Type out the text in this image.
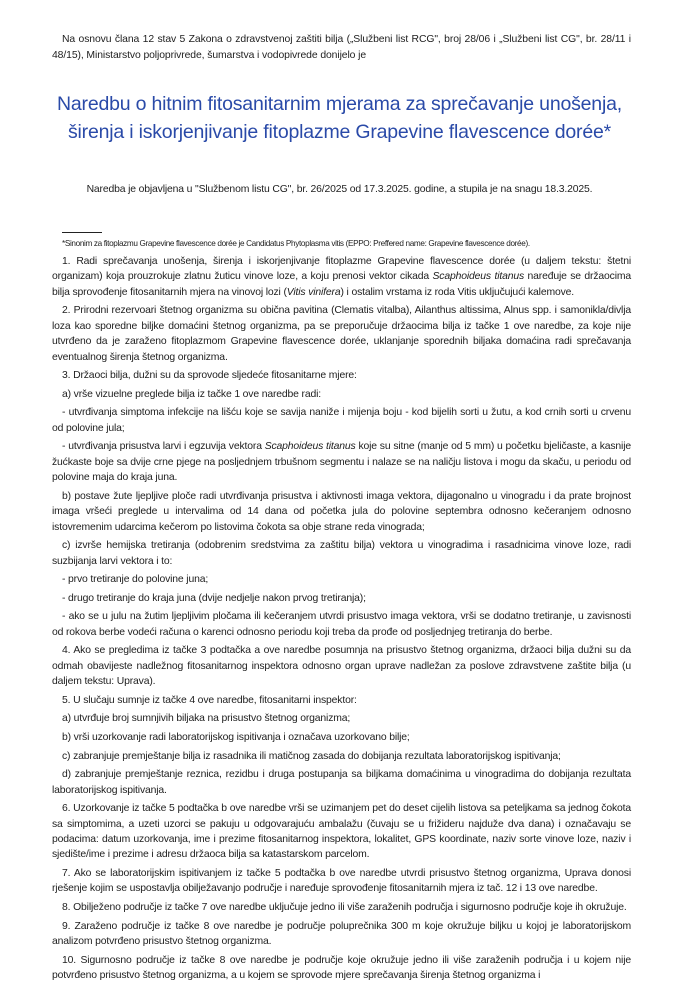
Na osnovu člana 12 stav 5 Zakona o zdravstvenoj zaštiti bilja („Službeni list RCG", broj 28/06 i „Službeni list CG", br. 28/11 i 48/15), Ministarstvo poljoprivrede, šumarstva i vodopivrede donijelo je

Naredbu o hitnim fitosanitarnim mjerama za sprečavanje unošenja,
širenja i iskorjenjivanje fitoplazme Grapevine flavescence dorée*

Naredba je objavljena u "Službenom listu CG", br. 26/2025 od 17.3.2025. godine, a stupila je na snagu 18.3.2025.

*Sinonim za fitoplazmu Grapevine flavescence dorée je Candidatus Phytoplasma vitis (EPPO: Preffered name: Grapevine flavescence dorée).

1. Radi sprečavanja unošenja, širenja i iskorjenjivanje fitoplazme Grapevine flavescence dorée (u daljem tekstu: štetni organizam) koja prouzrokuje zlatnu žuticu vinove loze, a koju prenosi vektor cikada Scaphoideus titanus naređuje se držaocima bilja sprovođenje fitosanitarnih mjera na vinovoj lozi (Vitis vinifera) i ostalim vrstama iz roda Vitis uključujući kalemove.

2. Prirodni rezervoari štetnog organizma su obična pavitina (Clematis vitalba), Ailanthus altissima, Alnus spp. i samonikla/divlja loza kao sporedne biljke domaćini štetnog organizma, pa se preporučuje držaocima bilja iz tačke 1 ove naredbe, za koje nije utvrđeno da je zaraženo fitoplazmom Grapevine flavescence dorée, uklanjanje sporednih biljaka domaćina radi sprečavanja eventualnog širenja štetnog organizma.

3. Držaoci bilja, dužni su da sprovode sljedeće fitosanitarne mjere:

a) vrše vizuelne preglede bilja iz tačke 1 ove naredbe radi:

- utvrđivanja simptoma infekcije na lišću koje se savija naniže i mijenja boju - kod bijelih sorti u žutu, a kod crnih sorti u crvenu od polovine jula;

- utvrđivanja prisustva larvi i egzuvija vektora Scaphoideus titanus koje su sitne (manje od 5 mm) u početku bjeličaste, a kasnije žućkaste boje sa dvije crne pjege na posljednjem trbušnom segmentu i nalaze se na naličju listova i mogu da skaču, u periodu od polovine maja do kraja juna.

b) postave žute ljepljive ploče radi utvrđivanja prisustva i aktivnosti imaga vektora, dijagonalno u vinogradu i da prate brojnost imaga vršeći preglede u intervalima od 14 dana od početka jula do polovine septembra odnosno kečeranjem odnosno istovremenim udarcima kečerom po listovima čokota sa obje strane reda vinograda;

c) izvrše hemijska tretiranja (odobrenim sredstvima za zaštitu bilja) vektora u vinogradima i rasadnicima vinove loze, radi suzbijanja larvi vektora i to:

- prvo tretiranje do polovine juna;

- drugo tretiranje do kraja juna (dvije nedjelje nakon prvog tretiranja);

- ako se u julu na žutim ljepljivim pločama ili kečeranjem utvrdi prisustvo imaga vektora, vrši se dodatno tretiranje, u zavisnosti od rokova berbe vodeći računa o karenci odnosno periodu koji treba da prođe od posljednjeg tretiranja do berbe.

4. Ako se pregledima iz tačke 3 podtačka a ove naredbe posumnja na prisustvo štetnog organizma, držaoci bilja dužni su da odmah obavijeste nadležnog fitosanitarnog inspektora odnosno organ uprave nadležan za poslove zdravstvene zaštite bilja (u daljem tekstu: Uprava).

5. U slučaju sumnje iz tačke 4 ove naredbe, fitosanitarni inspektor:

a) utvrđuje broj sumnjivih biljaka na prisustvo štetnog organizma;

b) vrši uzorkovanje radi laboratorijskog ispitivanja i označava uzorkovano bilje;

c) zabranjuje premještanje bilja iz rasadnika ili matičnog zasada do dobijanja rezultata laboratorijskog ispitivanja;

d) zabranjuje premještanje reznica, rezidbu i druga postupanja sa biljkama domaćinima u vinogradima do dobijanja rezultata laboratorijskog ispitivanja.

6. Uzorkovanje iz tačke 5 podtačka b ove naredbe vrši se uzimanjem pet do deset cijelih listova sa peteljkama sa jednog čokota sa simptomima, a uzeti uzorci se pakuju u odgovarajuću ambalažu (čuvaju se u frižideru najduže dva dana) i označavaju se podacima: datum uzorkovanja, ime i prezime fitosanitarnog inspektora, lokalitet, GPS koordinate, naziv sorte vinove loze, naziv i sjedište/ime i prezime i adresu držaoca bilja sa katastarskom parcelom.

7. Ako se laboratorijskim ispitivanjem iz tačke 5 podtačka b ove naredbe utvrdi prisustvo štetnog organizma, Uprava donosi rješenje kojim se uspostavlja obilježavanjo područje i naređuje sprovođenje fitosanitarnih mjera iz tač. 12 i 13 ove naredbe.

8. Obilježeno područje iz tačke 7 ove naredbe uključuje jedno ili više zaraženih područja i sigurnosno područje koje ih okružuje.

9. Zaraženo područje iz tačke 8 ove naredbe je područje poluprečnika 300 m koje okružuje biljku u kojoj je laboratorijskom analizom potvrđeno prisustvo štetnog organizma.

10. Sigurnosno područje iz tačke 8 ove naredbe je područje koje okružuje jedno ili više zaraženih područja i u kojem nije potvrđeno prisustvo štetnog organizma, a u kojem se sprovode mjere sprečavanja širenja štetnog organizma i
